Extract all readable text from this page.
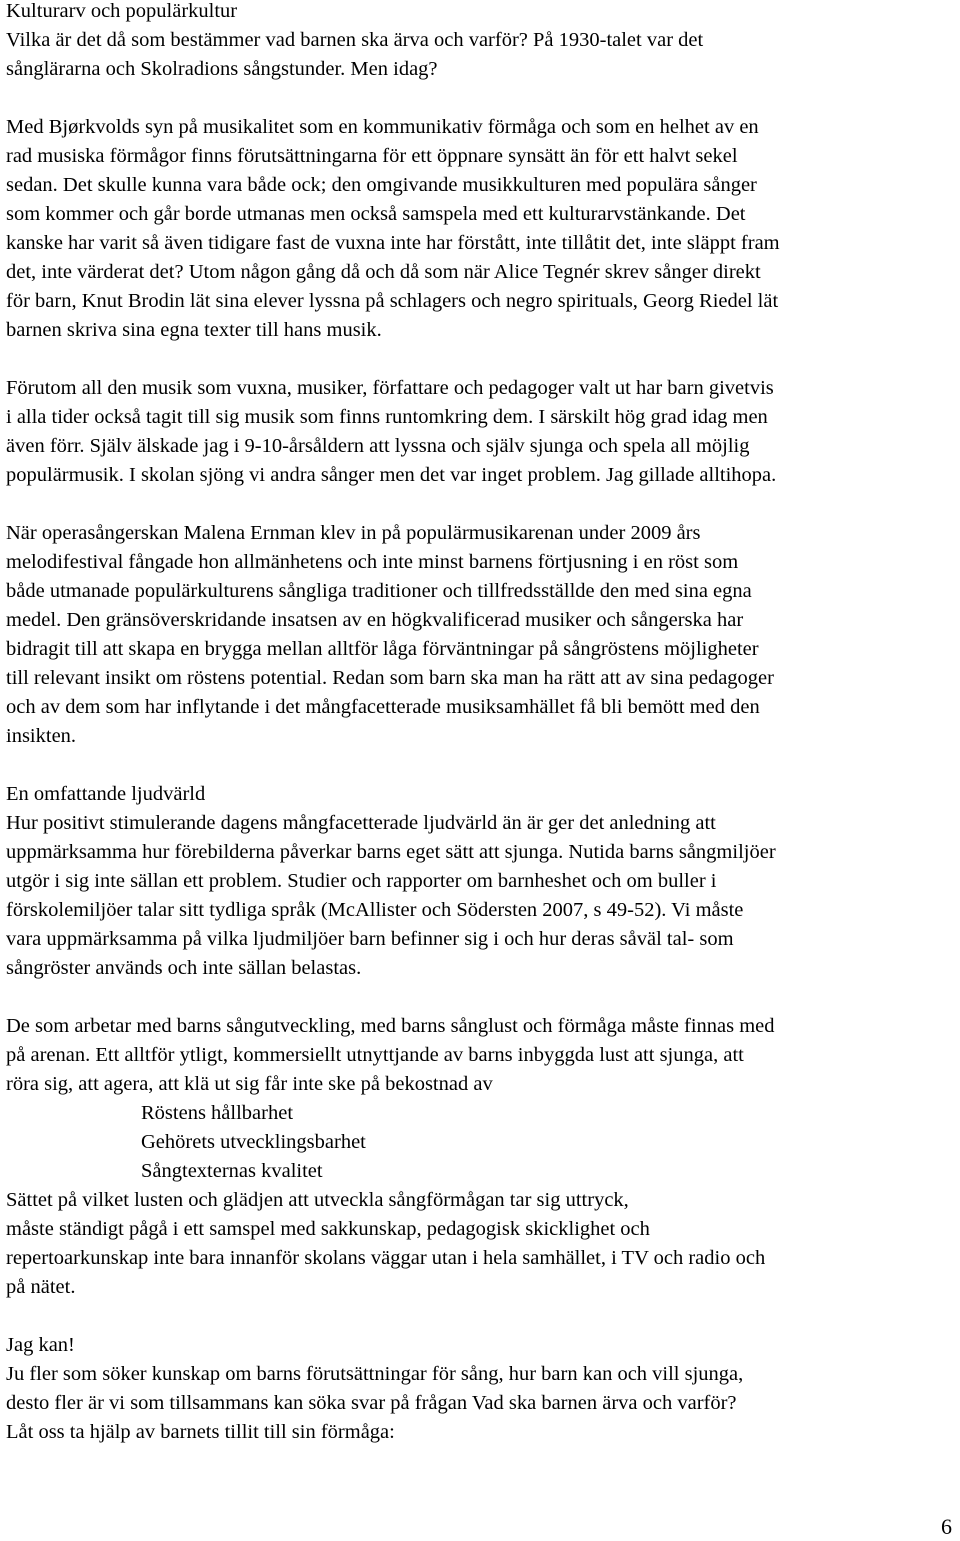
Kulturarv och populärkultur
Vilka är det då som bestämmer vad barnen ska ärva och varför? På 1930-talet var det
sånglärarna och Skolradions sångstunder. Men idag?
Med Bjørkvolds syn på musikalitet som en kommunikativ förmåga och som en helhet av en
rad musiska förmågor finns förutsättningarna för ett öppnare synsätt än för ett halvt sekel
sedan. Det skulle kunna vara både ock; den omgivande musikkulturen med populära sånger
som kommer och går borde utmanas men också samspela med ett kulturarvstänkande. Det
kanske har varit så även tidigare fast de vuxna inte har förstått, inte tillåtit det, inte släppt fram
det, inte värderat det? Utom någon gång då och då som när Alice Tegnér skrev sånger direkt
för barn, Knut Brodin lät sina elever lyssna på schlagers och negro spirituals, Georg Riedel lät
barnen skriva sina egna texter till hans musik.
Förutom all den musik som vuxna, musiker, författare och pedagoger valt ut har barn givetvis
i alla tider också tagit till sig musik som finns runtomkring dem. I särskilt hög grad idag men
även förr. Själv älskade jag i 9-10-årsåldern att lyssna och själv sjunga och spela all möjlig
populärmusik. I skolan sjöng vi andra sånger men det var inget problem. Jag gillade alltihopa.
När operasångerskan Malena Ernman klev in på populärmusikarenan under 2009 års
melodifestival fångade hon allmänhetens och inte minst barnens förtjusning i en röst som
både utmanade populärkulturens sångliga traditioner och tillfredsställde den med sina egna
medel. Den gränsöverskridande insatsen av en högkvalificerad musiker och sångerska har
bidragit till att skapa en brygga mellan alltför låga förväntningar på sångröstens möjligheter
till relevant insikt om röstens potential. Redan som barn ska man ha rätt att av sina pedagoger
och av dem som har inflytande i det mångfacetterade musiksamhället få bli bemött med den
insikten.
En omfattande ljudvärld
Hur positivt stimulerande dagens mångfacetterade ljudvärld än är ger det anledning att
uppmärksamma hur förebilderna påverkar barns eget sätt att sjunga. Nutida barns sångmiljöer
utgör i sig inte sällan ett problem. Studier och rapporter om barnheshet och om buller i
förskolemiljöer talar sitt tydliga språk (McAllister och Södersten 2007, s 49-52). Vi måste
vara uppmärksamma på vilka ljudmiljöer barn befinner sig i och hur deras såväl tal- som
sångröster används och inte sällan belastas.
De som arbetar med barns sångutveckling, med barns sånglust och förmåga måste finnas med
på arenan. Ett alltför ytligt, kommersiellt utnyttjande av barns inbyggda lust att sjunga, att
röra sig, att agera, att klä ut sig får inte ske på bekostnad av
Röstens hållbarhet
Gehörets utvecklingsbarhet
Sångtexternas kvalitet
Sättet på vilket lusten och glädjen att utveckla sångförmågan tar sig uttryck,
måste ständigt pågå i ett samspel med sakkunskap, pedagogisk skicklighet och
repertoarkunskap inte bara innanför skolans väggar utan i hela samhället, i TV och radio och
på nätet.
Jag kan!
Ju fler som söker kunskap om barns förutsättningar för sång, hur barn kan och vill sjunga,
desto fler är vi som tillsammans kan söka svar på frågan Vad ska barnen ärva och varför?
Låt oss ta hjälp av barnets tillit till sin förmåga:
6
